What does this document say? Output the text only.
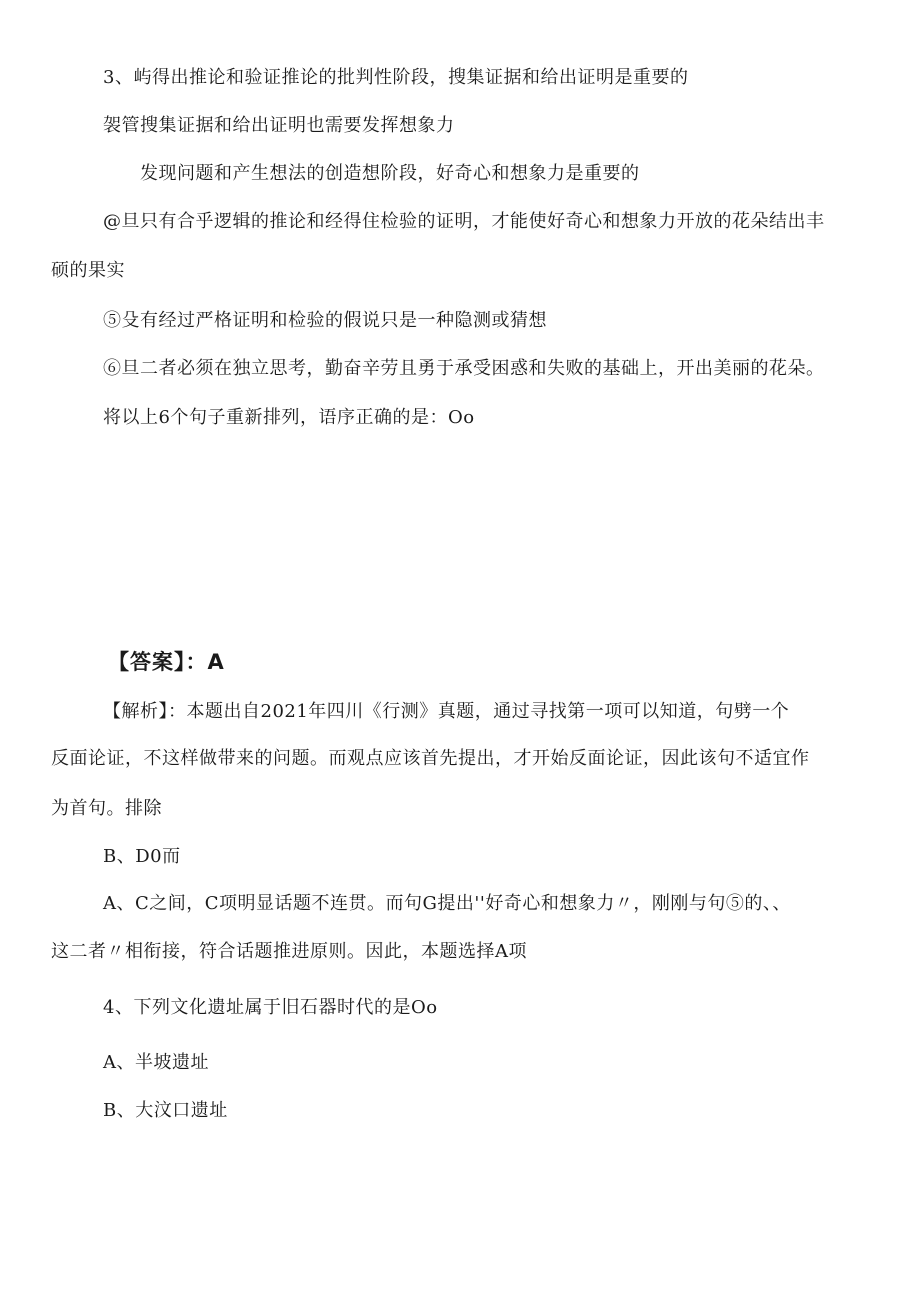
3、屿得出推论和验证推论的批判性阶段，搜集证据和给出证明是重要的
袈管搜集证据和给出证明也需要发挥想象力
发现问题和产生想法的创造想阶段，好奇心和想象力是重要的
@旦只有合乎逻辑的推论和经得住检验的证明，才能使好奇心和想象力开放的花朵结出丰
硕的果实
⑤殳有经过严格证明和检验的假说只是一种隐测或猜想
⑥旦二者必须在独立思考，勤奋辛劳且勇于承受困惑和失败的基础上，开出美丽的花朵。
将以上6个句子重新排列，语序正确的是：Oo
【答案】：A
【解析】：本题出自2021年四川《行测》真题，通过寻找第一项可以知道，句劈一个
反面论证，不这样做带来的问题。而观点应该首先提出，才开始反面论证，因此该句不适宜作
为首句。排除
B、D0而
A、C之间，C项明显话题不连贯。而句G提出''好奇心和想象力〃，刚刚与句⑤的、、
这二者〃相衔接，符合话题推进原则。因此，本题选择A项
4、下列文化遗址属于旧石器时代的是Oo
A、半坡遗址
B、大汶口遗址
